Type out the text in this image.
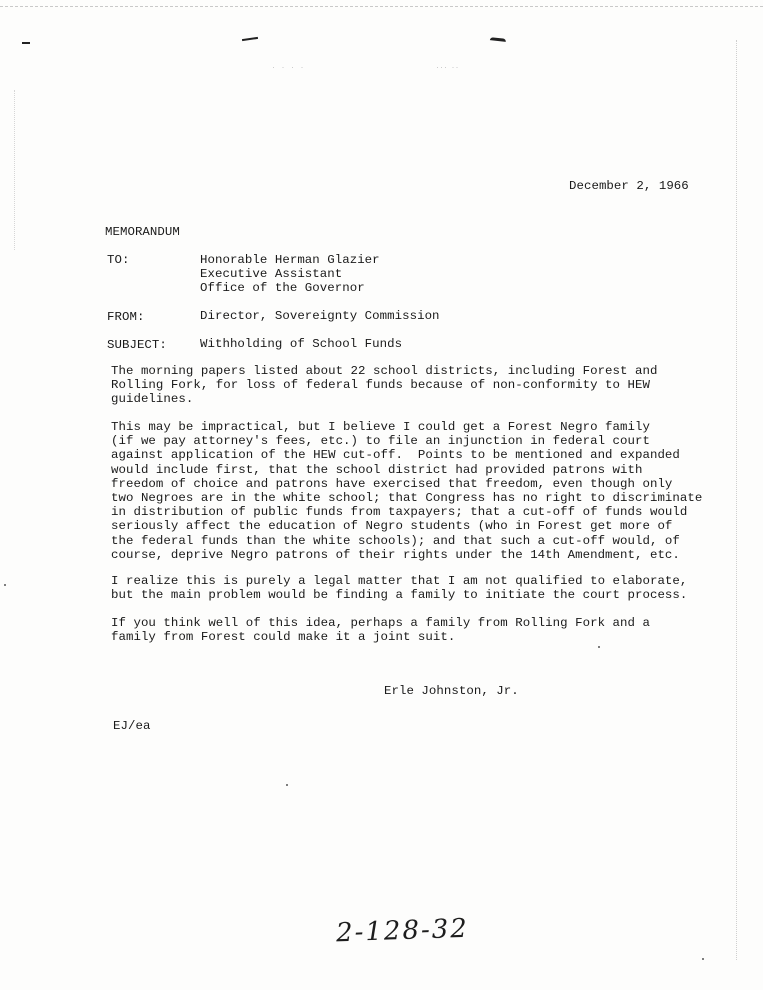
· · · ·	··· ··

December 2, 1966

MEMORANDUM

TO:	Honorable Herman Glazier
Executive Assistant
Office of the Governor

FROM:	Director, Sovereignty Commission

SUBJECT:	Withholding of School Funds

The morning papers listed about 22 school districts, including Forest and
Rolling Fork, for loss of federal funds because of non-conformity to HEW
guidelines.
This may be impractical, but I believe I could get a Forest Negro family
(if we pay attorney's fees, etc.) to file an injunction in federal court
against application of the HEW cut-off.  Points to be mentioned and expanded
would include first, that the school district had provided patrons with
freedom of choice and patrons have exercised that freedom, even though only
two Negroes are in the white school; that Congress has no right to discriminate
in distribution of public funds from taxpayers; that a cut-off of funds would
seriously affect the education of Negro students (who in Forest get more of
the federal funds than the white schools); and that such a cut-off would, of
course, deprive Negro patrons of their rights under the 14th Amendment, etc.
I realize this is purely a legal matter that I am not qualified to elaborate,
but the main problem would be finding a family to initiate the court process.
If you think well of this idea, perhaps a family from Rolling Fork and a
family from Forest could make it a joint suit.

Erle Johnston, Jr.

EJ/ea

2-128-32
